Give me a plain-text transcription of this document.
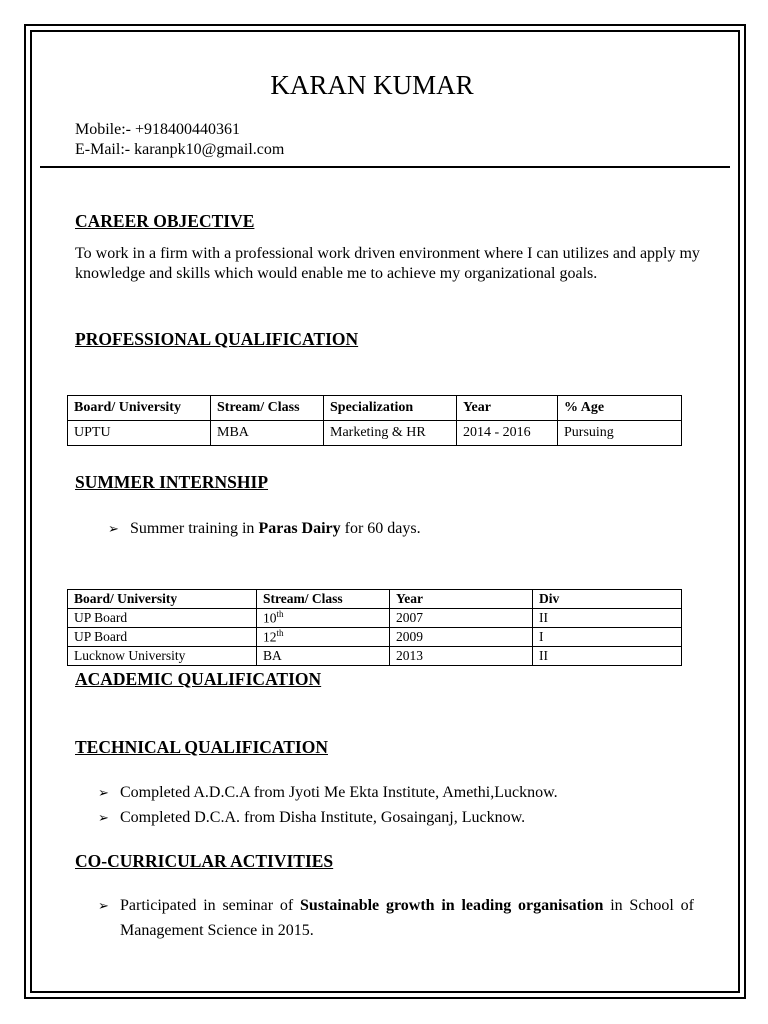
KARAN KUMAR
Mobile:- +918400440361
E-Mail:- karanpk10@gmail.com
CAREER OBJECTIVE
To work in a firm with a professional work driven environment where I can utilizes and apply my knowledge and skills which would enable me to achieve my organizational goals.
PROFESSIONAL QUALIFICATION
Board/ University	Stream/ Class	Specialization	Year	% Age
UPTU	MBA	Marketing & HR	2014 - 2016	Pursuing
SUMMER INTERNSHIP
➢ Summer training in Paras Dairy for 60 days.
Board/ University	Stream/ Class	Year	Div
UP Board	10th	2007	II
UP Board	12th	2009	I
Lucknow University	BA	2013	II
ACADEMIC QUALIFICATION
TECHNICAL QUALIFICATION
➢ Completed A.D.C.A from Jyoti Me Ekta Institute, Amethi,Lucknow.
➢ Completed D.C.A. from Disha Institute, Gosainganj, Lucknow.
CO-CURRICULAR ACTIVITIES
➢ Participated in seminar of Sustainable growth in leading organisation in School of Management Science in 2015.
